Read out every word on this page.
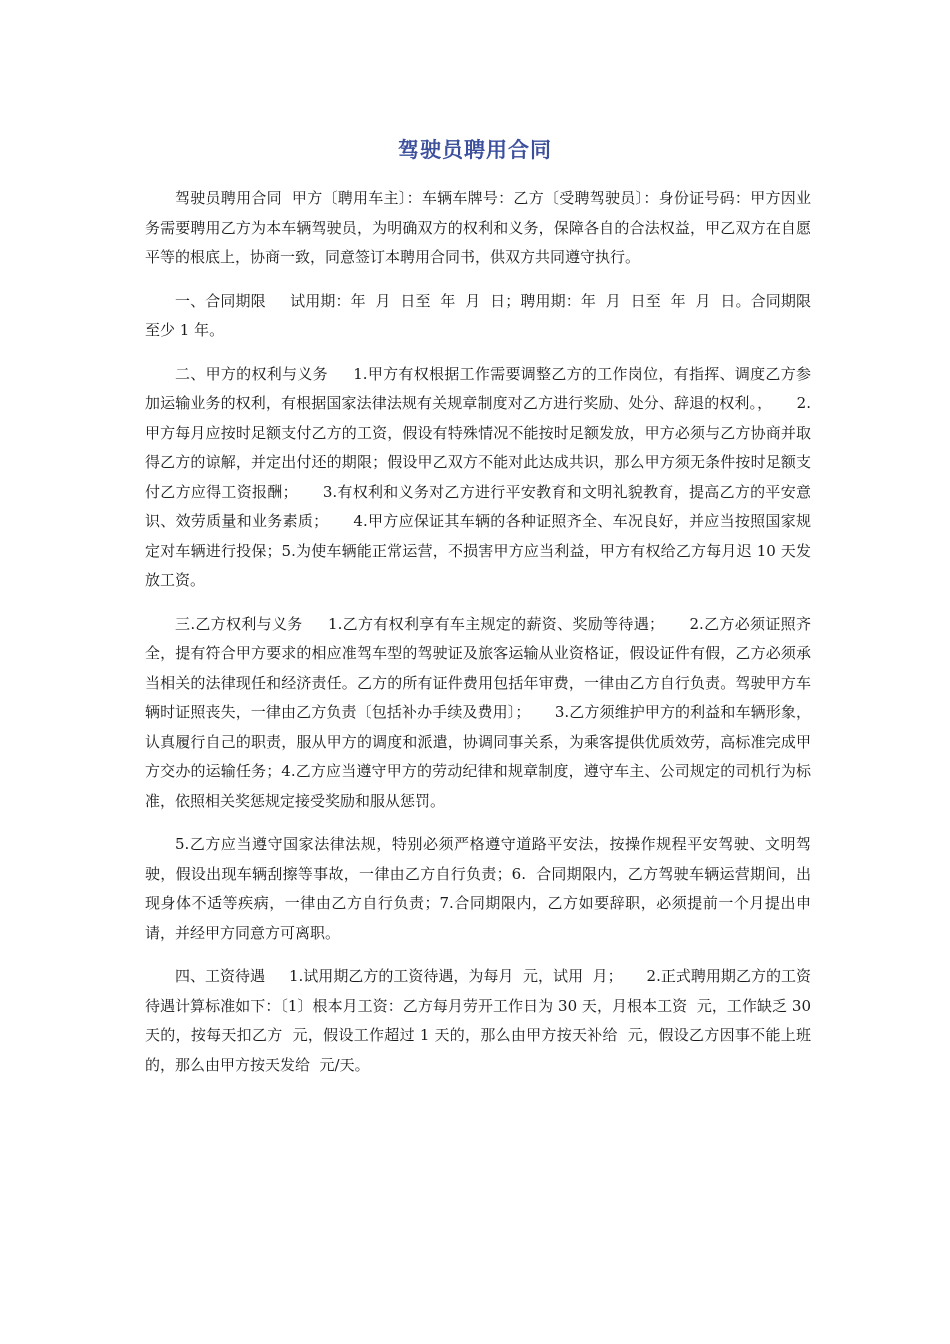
驾驶员聘用合同

驾驶员聘用合同  甲方〔聘用车主〕：车辆车牌号：乙方〔受聘驾驶员〕：身份证号码：甲方因业务需要聘用乙方为本车辆驾驶员，为明确双方的权利和义务，保障各自的合法权益，甲乙双方在自愿平等的根底上，协商一致，同意签订本聘用合同书，供双方共同遵守执行。

一、合同期限     试用期：年  月  日至  年  月  日；聘用期：年  月  日至  年  月  日。合同期限至少 1 年。

二、甲方的权利与义务     1.甲方有权根据工作需要调整乙方的工作岗位，有指挥、调度乙方参加运输业务的权利，有根据国家法律法规有关规章制度对乙方进行奖励、处分、辞退的权利。，     2.甲方每月应按时足额支付乙方的工资，假设有特殊情况不能按时足额发放，甲方必须与乙方协商并取得乙方的谅解，并定出付还的期限；假设甲乙双方不能对此达成共识，那么甲方须无条件按时足额支付乙方应得工资报酬；     3.有权利和义务对乙方进行平安教育和文明礼貌教育，提高乙方的平安意识、效劳质量和业务素质；     4.甲方应保证其车辆的各种证照齐全、车况良好，并应当按照国家规定对车辆进行投保；5.为使车辆能正常运营，不损害甲方应当利益，甲方有权给乙方每月迟 10 天发放工资。

三.乙方权利与义务     1.乙方有权利享有车主规定的薪资、奖励等待遇；     2.乙方必须证照齐全，提有符合甲方要求的相应准驾车型的驾驶证及旅客运输从业资格证，假设证件有假，乙方必须承当相关的法律现任和经济责任。乙方的所有证件费用包括年审费，一律由乙方自行负责。驾驶甲方车辆时证照丧失，一律由乙方负责〔包括补办手续及费用〕；     3.乙方须维护甲方的利益和车辆形象，认真履行自己的职责，服从甲方的调度和派遣，协调同事关系，为乘客提供优质效劳，高标准完成甲方交办的运输任务；4.乙方应当遵守甲方的劳动纪律和规章制度，遵守车主、公司规定的司机行为标准，依照相关奖惩规定接受奖励和服从惩罚。

5.乙方应当遵守国家法律法规，特别必须严格遵守道路平安法，按操作规程平安驾驶、文明驾驶，假设出现车辆刮擦等事故，一律由乙方自行负责；6.  合同期限内，乙方驾驶车辆运营期间，出现身体不适等疾病，一律由乙方自行负责；7.合同期限内，乙方如要辞职，必须提前一个月提出申请，并经甲方同意方可离职。

四、工资待遇     1.试用期乙方的工资待遇，为每月  元，试用  月；     2.正式聘用期乙方的工资待遇计算标准如下：〔1〕根本月工资：乙方每月劳开工作日为 30 天，月根本工资  元，工作缺乏 30 天的，按每天扣乙方  元，假设工作超过 1 天的，那么由甲方按天补给  元，假设乙方因事不能上班的，那么由甲方按天发给  元/天。
